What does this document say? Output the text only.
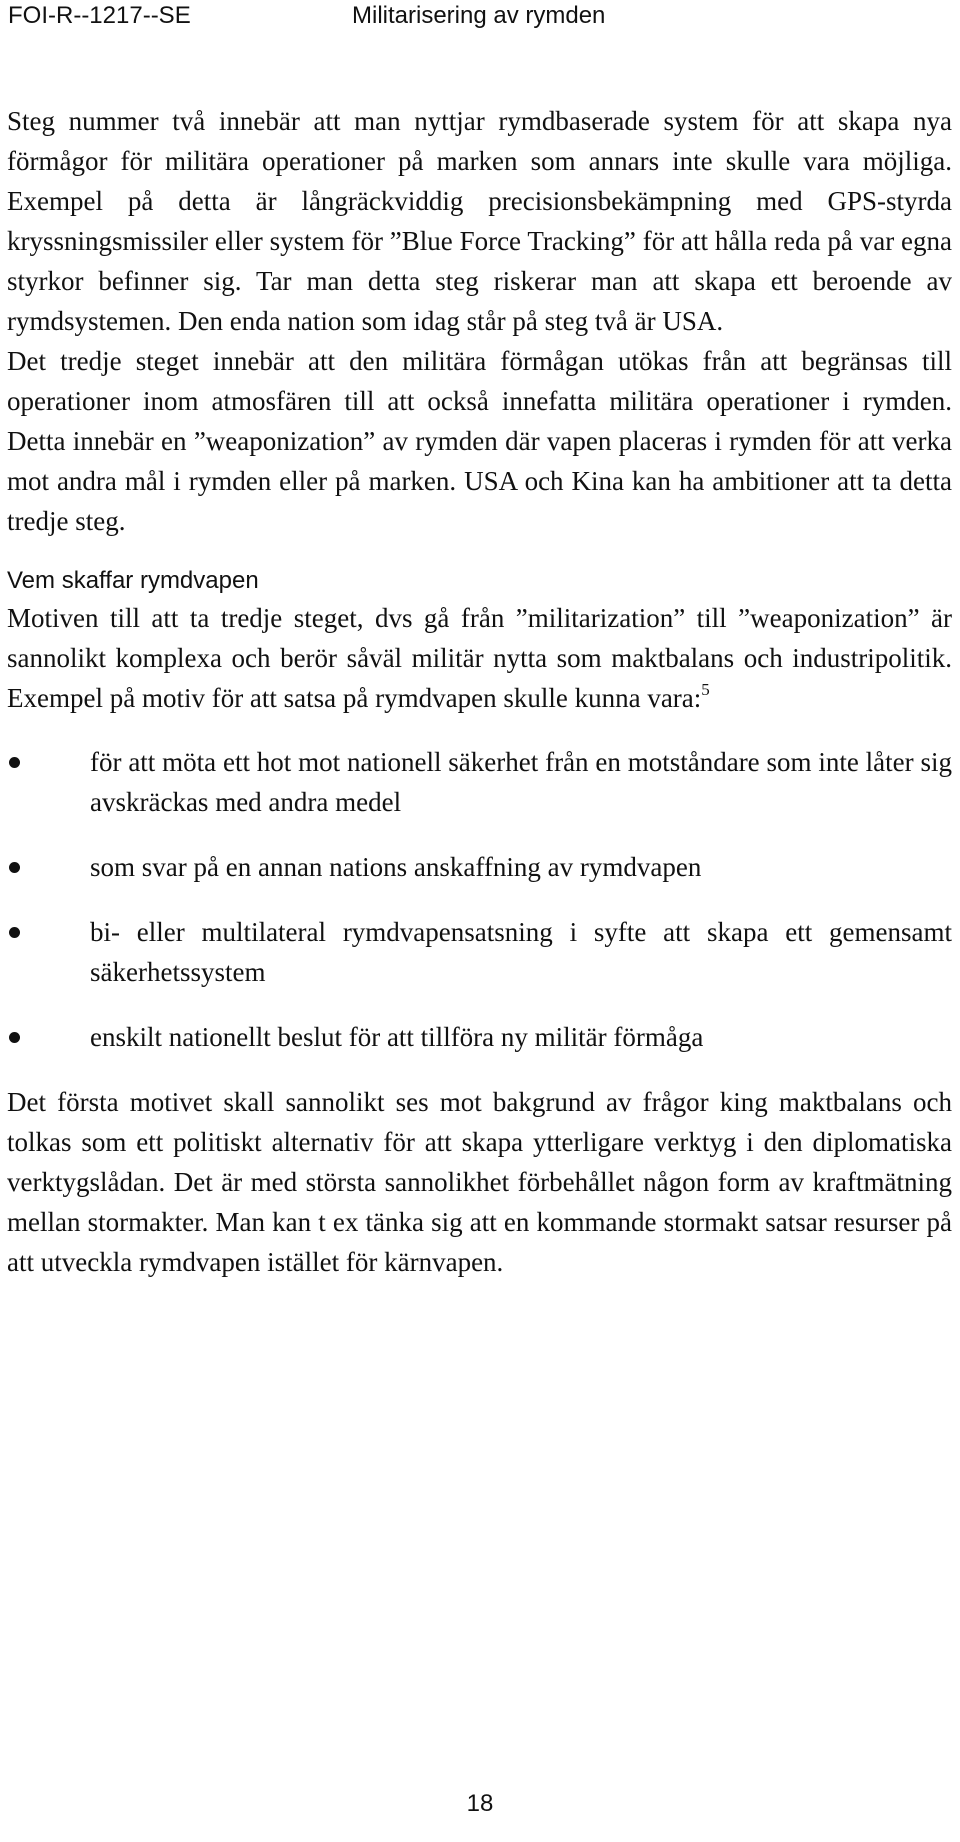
FOI-R--1217--SE	Militarisering av rymden

Steg nummer två innebär att man nyttjar rymdbaserade system för att skapa nya förmågor för militära operationer på marken som annars inte skulle vara möjliga. Exempel på detta är långräckviddig precisionsbekämpning med GPS-styrda kryssningsmissiler eller system för ”Blue Force Tracking” för att hålla reda på var egna styrkor befinner sig. Tar man detta steg riskerar man att skapa ett beroende av rymdsystemen. Den enda nation som idag står på steg två är USA.

Det tredje steget innebär att den militära förmågan utökas från att begränsas till operationer inom atmosfären till att också innefatta militära operationer i rymden. Detta innebär en ”weaponization” av rymden där vapen placeras i rymden för att verka mot andra mål i rymden eller på marken. USA och Kina kan ha ambitioner att ta detta tredje steg.

Vem skaffar rymdvapen

Motiven till att ta tredje steget, dvs gå från ”militarization” till ”weaponization” är sannolikt komplexa och berör såväl militär nytta som maktbalans och industripolitik. Exempel på motiv för att satsa på rymdvapen skulle kunna vara:$^5$

för att möta ett hot mot nationell säkerhet från en motståndare som inte låter sig avskräckas med andra medel
som svar på en annan nations anskaffning av rymdvapen
bi- eller multilateral rymdvapensatsning i syfte att skapa ett gemensamt säkerhetssystem
enskilt nationellt beslut för att tillföra ny militär förmåga

Det första motivet skall sannolikt ses mot bakgrund av frågor king maktbalans och tolkas som ett politiskt alternativ för att skapa ytterligare verktyg i den diplomatiska verktygslådan. Det är med största sannolikhet förbehållet någon form av kraftmätning mellan stormakter. Man kan t ex tänka sig att en kommande stormakt satsar resurser på att utveckla rymdvapen istället för kärnvapen.

18
